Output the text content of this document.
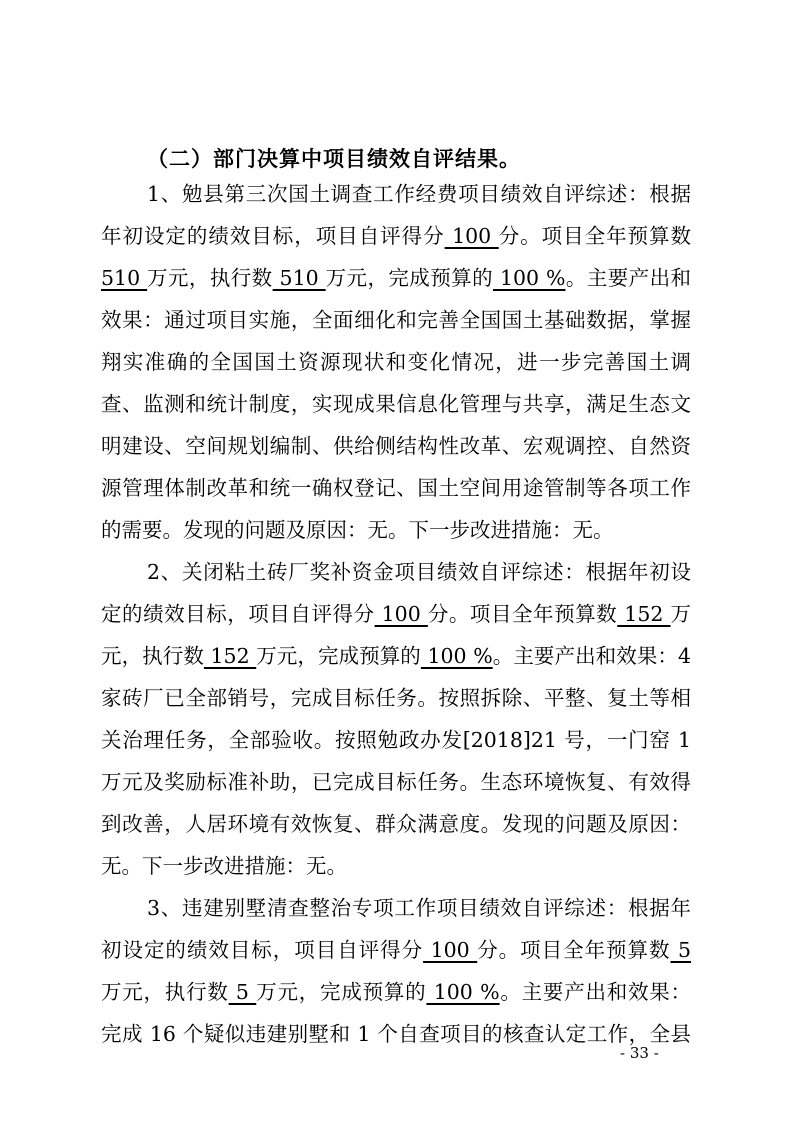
（二）部门决算中项目绩效自评结果。
1、勉县第三次国土调查工作经费项目绩效自评综述：根据
年初设定的绩效目标，项目自评得分 100 分。项目全年预算数
510 万元，执行数 510 万元，完成预算的 100 %。主要产出和
效果：通过项目实施，全面细化和完善全国国土基础数据，掌握
翔实准确的全国国土资源现状和变化情况，进一步完善国土调
查、监测和统计制度，实现成果信息化管理与共享，满足生态文
明建设、空间规划编制、供给侧结构性改革、宏观调控、自然资
源管理体制改革和统一确权登记、国土空间用途管制等各项工作
的需要。发现的问题及原因：无。下一步改进措施：无。
2、关闭粘土砖厂奖补资金项目绩效自评综述：根据年初设
定的绩效目标，项目自评得分 100 分。项目全年预算数 152 万
元，执行数 152 万元，完成预算的 100 %。主要产出和效果：4
家砖厂已全部销号，完成目标任务。按照拆除、平整、复土等相
关治理任务，全部验收。按照勉政办发[2018]21 号，一门窑 1
万元及奖励标准补助，已完成目标任务。生态环境恢复、有效得
到改善，人居环境有效恢复、群众满意度。发现的问题及原因：
无。下一步改进措施：无。
3、违建别墅清查整治专项工作项目绩效自评综述：根据年
初设定的绩效目标，项目自评得分 100 分。项目全年预算数 5
万元，执行数 5 万元，完成预算的 100 %。主要产出和效果：
完成 16 个疑似违建别墅和 1 个自查项目的核查认定工作，全县
- 33 -
